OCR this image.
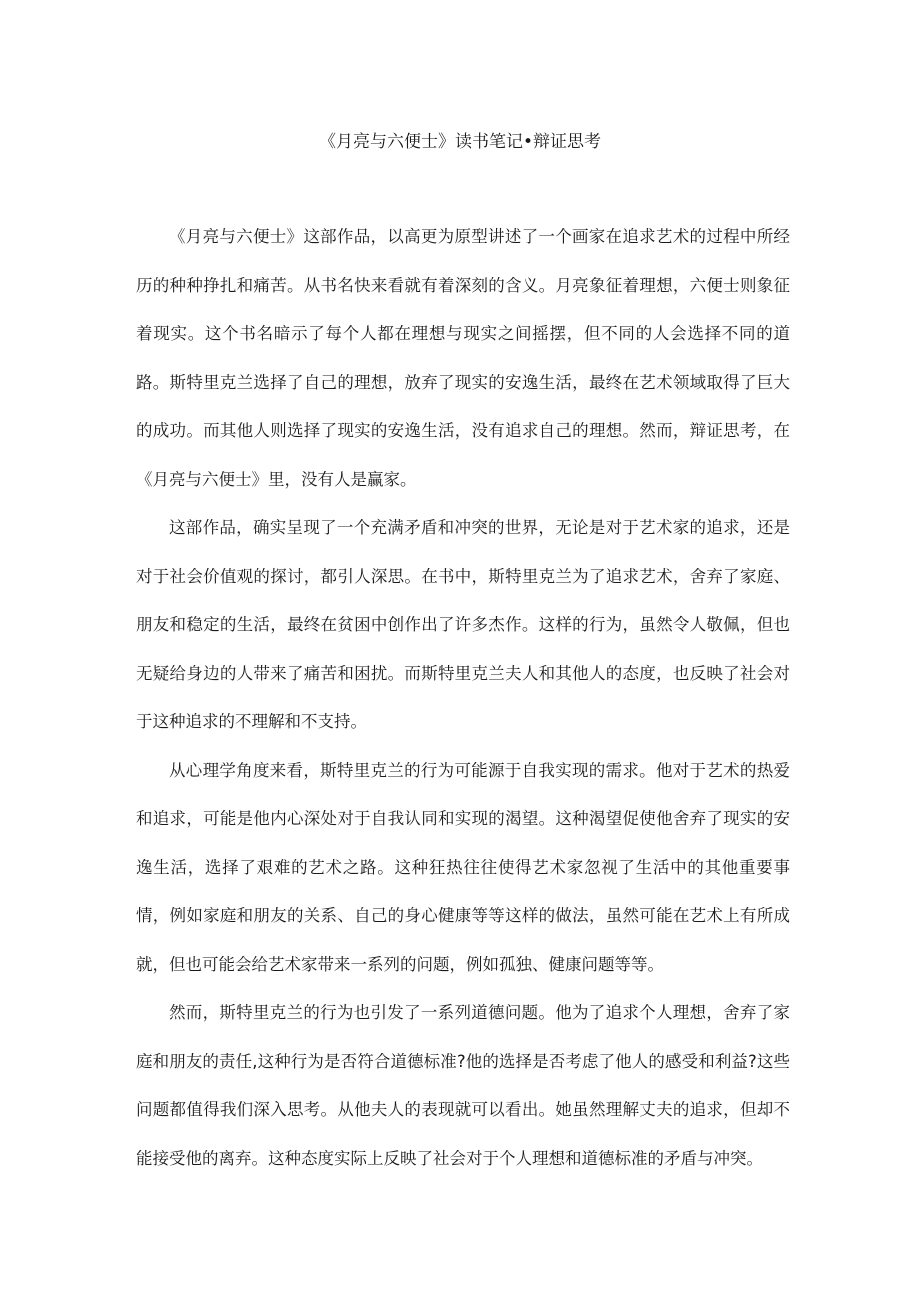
《月亮与六便士》读书笔记•辩证思考

《月亮与六便士》这部作品，以高更为原型讲述了一个画家在追求艺术的过程中所经历的种种挣扎和痛苦。从书名快来看就有着深刻的含义。月亮象征着理想，六便士则象征着现实。这个书名暗示了每个人都在理想与现实之间摇摆，但不同的人会选择不同的道路。斯特里克兰选择了自己的理想，放弃了现实的安逸生活，最终在艺术领域取得了巨大的成功。而其他人则选择了现实的安逸生活，没有追求自己的理想。然而，辩证思考，在《月亮与六便士》里，没有人是赢家。

这部作品，确实呈现了一个充满矛盾和冲突的世界，无论是对于艺术家的追求，还是对于社会价值观的探讨，都引人深思。在书中，斯特里克兰为了追求艺术，舍弃了家庭、朋友和稳定的生活，最终在贫困中创作出了许多杰作。这样的行为，虽然令人敬佩，但也无疑给身边的人带来了痛苦和困扰。而斯特里克兰夫人和其他人的态度，也反映了社会对于这种追求的不理解和不支持。

从心理学角度来看，斯特里克兰的行为可能源于自我实现的需求。他对于艺术的热爱和追求，可能是他内心深处对于自我认同和实现的渴望。这种渴望促使他舍弃了现实的安逸生活，选择了艰难的艺术之路。这种狂热往往使得艺术家忽视了生活中的其他重要事情，例如家庭和朋友的关系、自己的身心健康等等这样的做法，虽然可能在艺术上有所成就，但也可能会给艺术家带来一系列的问题，例如孤独、健康问题等等。

然而，斯特里克兰的行为也引发了一系列道德问题。他为了追求个人理想，舍弃了家庭和朋友的责任,这种行为是否符合道德标准?他的选择是否考虑了他人的感受和利益?这些问题都值得我们深入思考。从他夫人的表现就可以看出。她虽然理解丈夫的追求，但却不能接受他的离弃。这种态度实际上反映了社会对于个人理想和道德标准的矛盾与冲突。
